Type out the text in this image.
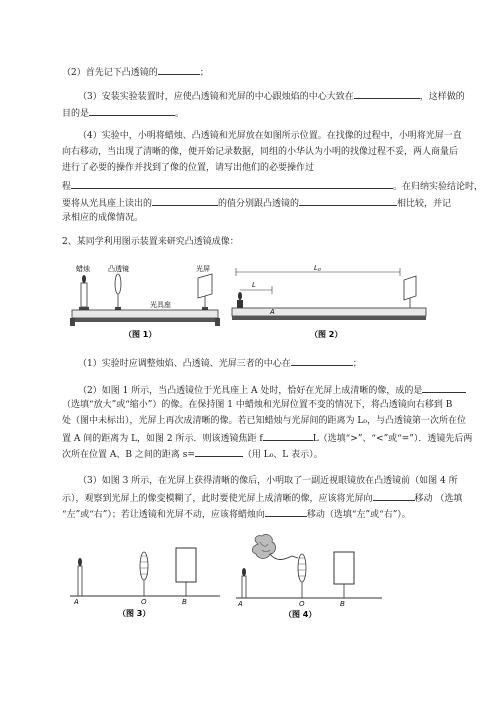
（2）首先记下凸透镜的	；
（3）安装实验装置时，应使凸透镜和光屏的中心跟烛焰的中心大致在	，这样做的
目的是	。
（4）实验中，小明将蜡烛、凸透镜和光屏放在如图所示位置。在找像的过程中，小明将光屏一直
向右移动，当出现了清晰的像，便开始记录数据，同组的小华认为小明的找像过程不妥，两人商量后
进行了必要的操作并找到了像的位置，请写出他们的必要操作过
程	。在归纳实验结论时，
要将从光具座上读出的	的值分别跟凸透镜的	相比较，并记
录相应的成像情况。
2、某同学利用图示装置来研究凸透镜成像：
蜡烛	凸透镜	光屏
光具座
（图 1）
L₀
L
A
（图 2）
（1）实验时应调整烛焰、凸透镜、光屏三者的中心在	；
（2）如图 1 所示，当凸透镜位于光具座上 A 处时，恰好在光屏上成清晰的像，成的是
（选填“放大”或“缩小”）的像。在保持图 1 中蜡烛和光屏位置不变的情况下，将凸透镜向右移到 B
处（图中未标出），光屏上再次成清晰的像。若已知蜡烛与光屏间的距离为 L₀，与凸透镜第一次所在位
置 A 间的距离为 L，如图 2 所示．则该透镜焦距 f	L（选填“>”、“<”或“=”）．透镜先后两
次所在位置 A、B 之间的距离 s=	（用 L₀、L 表示）。
（3）如图 3 所示，在光屏上获得清晰的像后，小明取了一副近视眼镜放在凸透镜前（如图 4 所
示），观察到光屏上的像变模糊了，此时要使光屏上成清晰的像，应该将光屏向	移动 （选填
“左”或“右”）；若让透镜和光屏不动，应该将蜡烛向	移动（选填“左”或“右”）。
A	O	B
（图 3）
A	O	B
（图 4）
